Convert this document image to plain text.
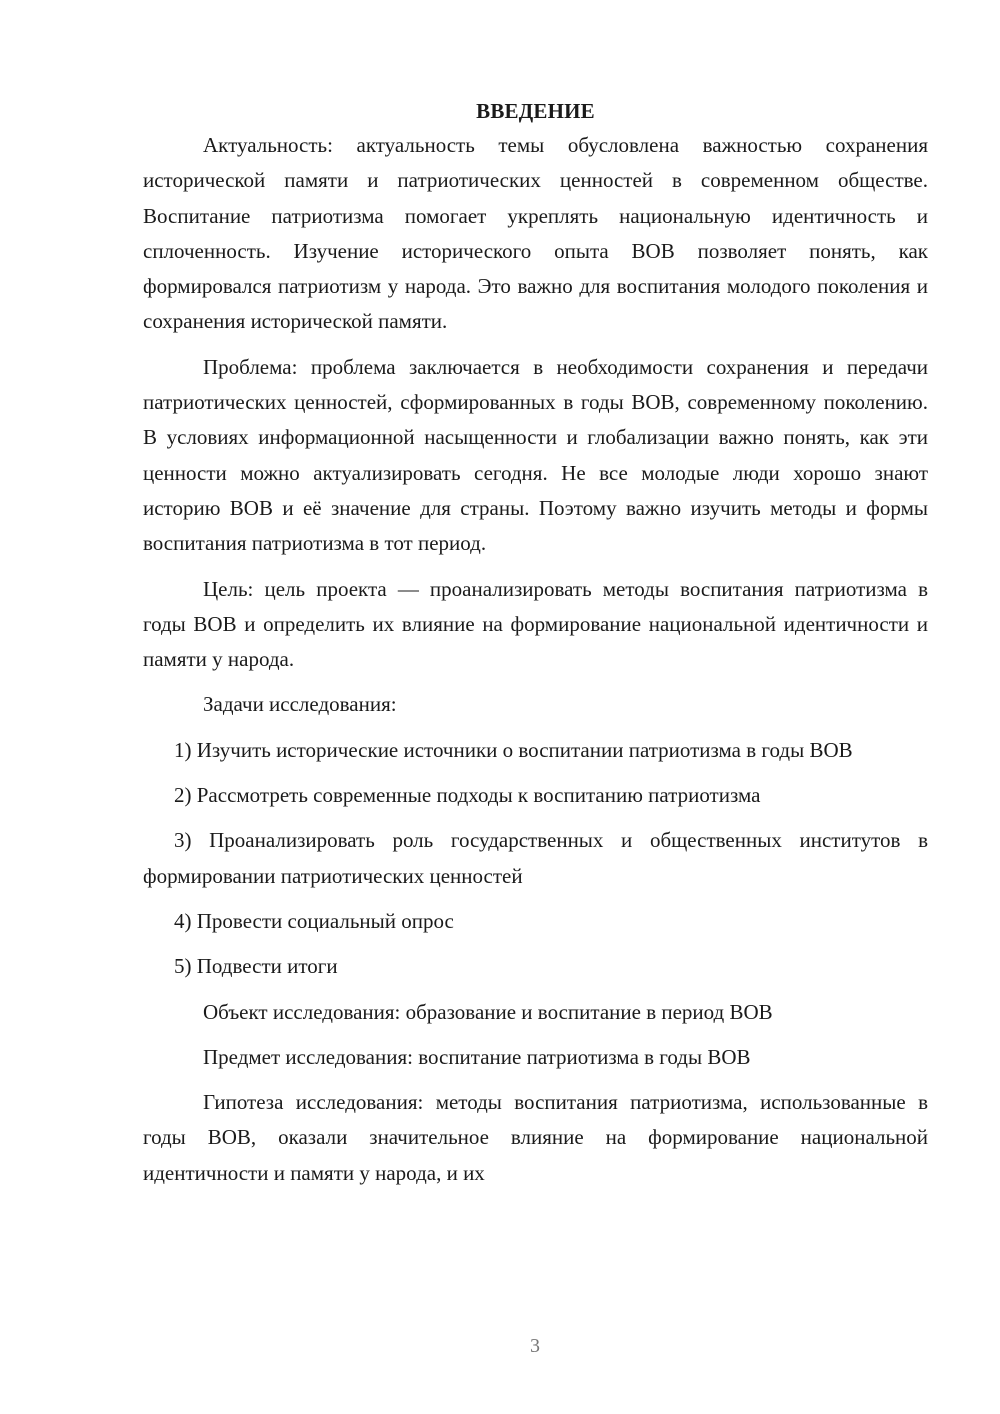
ВВЕДЕНИЕ

Актуальность: актуальность темы обусловлена важностью сохранения исторической памяти и патриотических ценностей в современном обществе. Воспитание патриотизма помогает укреплять национальную идентичность и сплоченность. Изучение исторического опыта ВОВ позволяет понять, как формировался патриотизм у народа. Это важно для воспитания молодого поколения и сохранения исторической памяти.

Проблема: проблема заключается в необходимости сохранения и передачи патриотических ценностей, сформированных в годы ВОВ, современному поколению. В условиях информационной насыщенности и глобализации важно понять, как эти ценности можно актуализировать сегодня. Не все молодые люди хорошо знают историю ВОВ и её значение для страны. Поэтому важно изучить методы и формы воспитания патриотизма в тот период.

Цель: цель проекта — проанализировать методы воспитания патриотизма в годы ВОВ и определить их влияние на формирование национальной идентичности и памяти у народа.

Задачи исследования:

1) Изучить исторические источники о воспитании патриотизма в годы ВОВ

2) Рассмотреть современные подходы к воспитанию патриотизма

3) Проанализировать роль государственных и общественных институтов в формировании патриотических ценностей

4) Провести социальный опрос

5) Подвести итоги

Объект исследования: образование и воспитание в период ВОВ

Предмет исследования: воспитание патриотизма в годы ВОВ

Гипотеза исследования: методы воспитания патриотизма, использованные в годы ВОВ, оказали значительное влияние на формирование национальной идентичности и памяти у народа, и их

3
